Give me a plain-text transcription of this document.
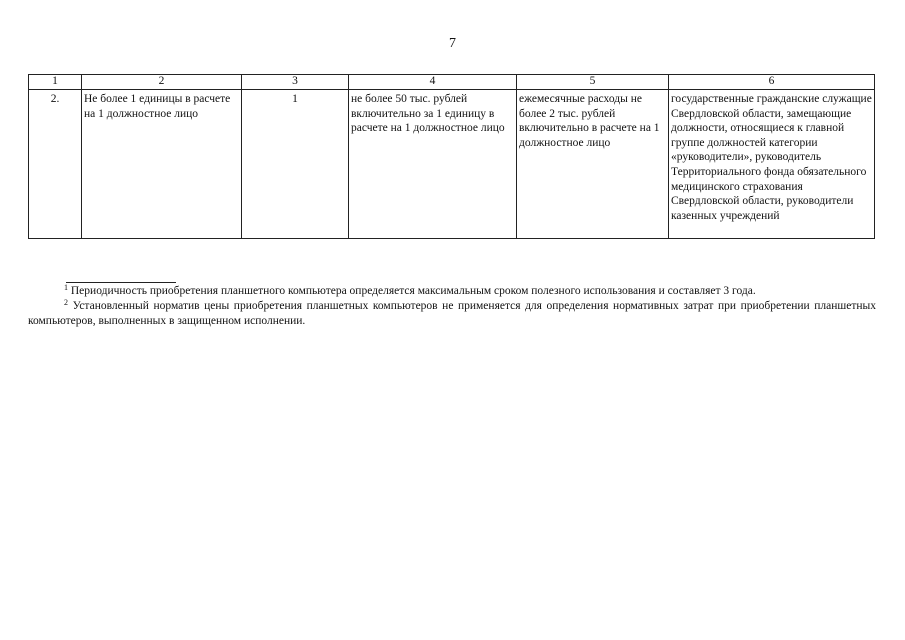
7
1	2	3	4	5	6
2.	Не более 1 единицы в расчете на 1 должностное лицо	1	не более 50 тыс. рублей включительно за 1 единицу в расчете на 1 должностное лицо	ежемесячные расходы не более 2 тыс. рублей включительно в расчете на 1 должностное лицо	государственные гражданские служащие Свердловской области, замещающие должности, относящиеся к главной группе должностей категории «руководители», руководитель Территориального фонда обязательного медицинского страхования Свердловской области, руководители казенных учреждений

$^1$ Периодичность приобретения планшетного компьютера определяется максимальным сроком полезного использования и составляет 3 года.

$^2$ Установленный норматив цены приобретения планшетных компьютеров не применяется для определения нормативных затрат при приобретении планшетных компьютеров, выполненных в защищенном исполнении.
